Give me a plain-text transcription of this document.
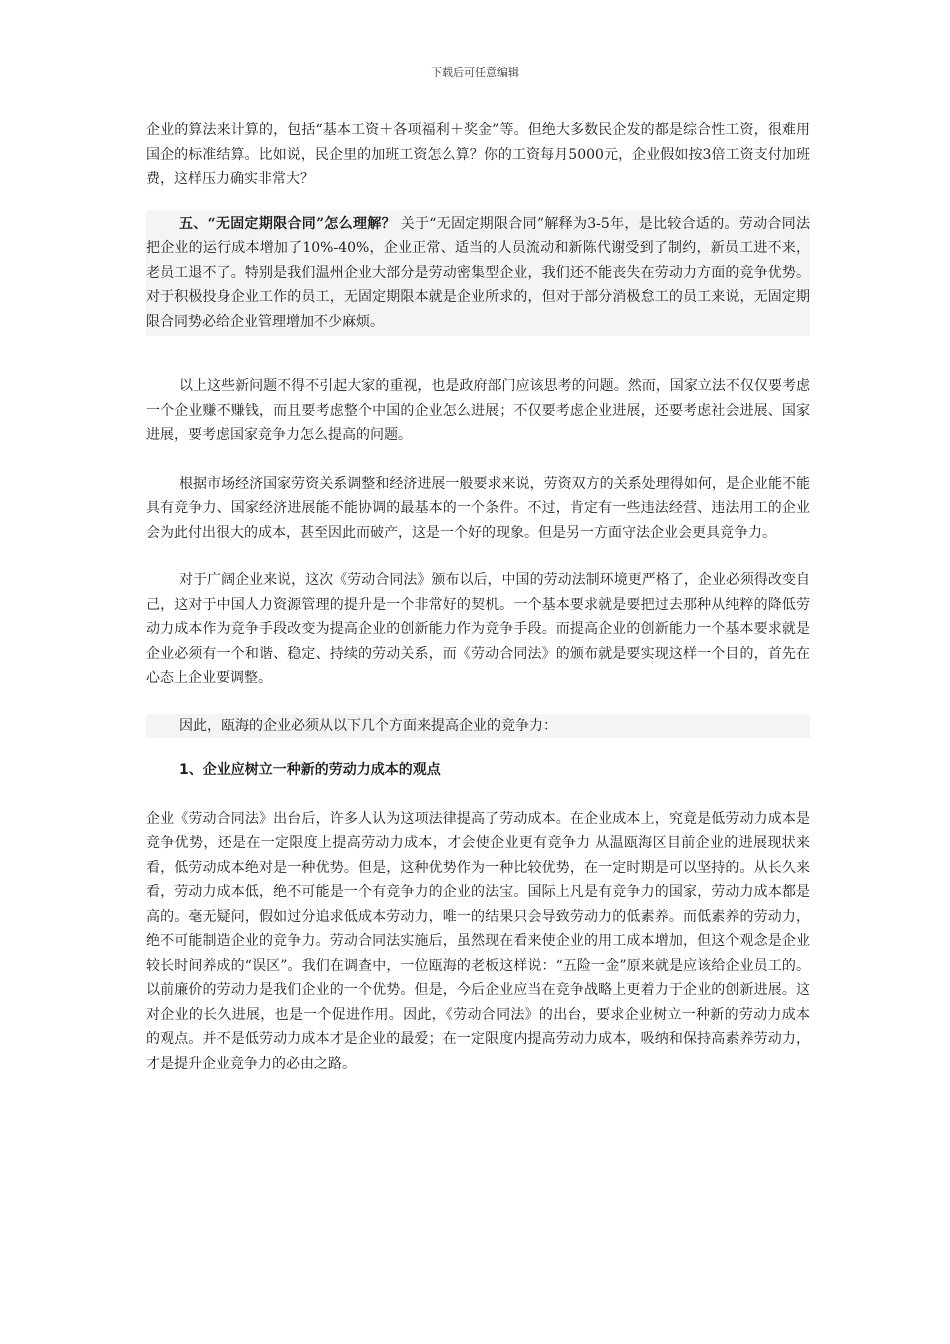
下载后可任意编辑

企业的算法来计算的，包括“基本工资＋各项福利＋奖金”等。但绝大多数民企发的都是综合性工资，很难用国企的标准结算。比如说，民企里的加班工资怎么算？你的工资每月5000元，企业假如按3倍工资支付加班费，这样压力确实非常大？

五、“无固定期限合同”怎么理解？ 关于“无固定期限合同”解释为3-5年，是比较合适的。劳动合同法把企业的运行成本增加了10%-40%，企业正常、适当的人员流动和新陈代谢受到了制约，新员工进不来，老员工退不了。特别是我们温州企业大部分是劳动密集型企业，我们还不能丧失在劳动力方面的竞争优势。对于积极投身企业工作的员工，无固定期限本就是企业所求的，但对于部分消极怠工的员工来说，无固定期限合同势必给企业管理增加不少麻烦。

以上这些新问题不得不引起大家的重视，也是政府部门应该思考的问题。然而，国家立法不仅仅要考虑一个企业赚不赚钱，而且要考虑整个中国的企业怎么进展；不仅要考虑企业进展，还要考虑社会进展、国家进展，要考虑国家竞争力怎么提高的问题。

根据市场经济国家劳资关系调整和经济进展一般要求来说，劳资双方的关系处理得如何，是企业能不能具有竞争力、国家经济进展能不能协调的最基本的一个条件。不过，肯定有一些违法经营、违法用工的企业会为此付出很大的成本，甚至因此而破产，这是一个好的现象。但是另一方面守法企业会更具竞争力。

对于广阔企业来说，这次《劳动合同法》颁布以后，中国的劳动法制环境更严格了，企业必须得改变自己，这对于中国人力资源管理的提升是一个非常好的契机。一个基本要求就是要把过去那种从纯粹的降低劳动力成本作为竞争手段改变为提高企业的创新能力作为竞争手段。而提高企业的创新能力一个基本要求就是企业必须有一个和谐、稳定、持续的劳动关系，而《劳动合同法》的颁布就是要实现这样一个目的，首先在心态上企业要调整。

因此，瓯海的企业必须从以下几个方面来提高企业的竞争力：

1、企业应树立一种新的劳动力成本的观点

企业《劳动合同法》出台后，许多人认为这项法律提高了劳动成本。在企业成本上，究竟是低劳动力成本是竞争优势，还是在一定限度上提高劳动力成本，才会使企业更有竞争力 从温瓯海区目前企业的进展现状来看，低劳动成本绝对是一种优势。但是，这种优势作为一种比较优势，在一定时期是可以坚持的。从长久来看，劳动力成本低，绝不可能是一个有竞争力的企业的法宝。国际上凡是有竞争力的国家，劳动力成本都是高的。毫无疑问，假如过分追求低成本劳动力，唯一的结果只会导致劳动力的低素养。而低素养的劳动力，绝不可能制造企业的竞争力。劳动合同法实施后，虽然现在看来使企业的用工成本增加，但这个观念是企业较长时间养成的“误区”。我们在调查中，一位瓯海的老板这样说：“五险一金”原来就是应该给企业员工的。以前廉价的劳动力是我们企业的一个优势。但是，今后企业应当在竞争战略上更着力于企业的创新进展。这对企业的长久进展，也是一个促进作用。因此，《劳动合同法》的出台，要求企业树立一种新的劳动力成本的观点。并不是低劳动力成本才是企业的最爱；在一定限度内提高劳动力成本，吸纳和保持高素养劳动力，才是提升企业竞争力的必由之路。
